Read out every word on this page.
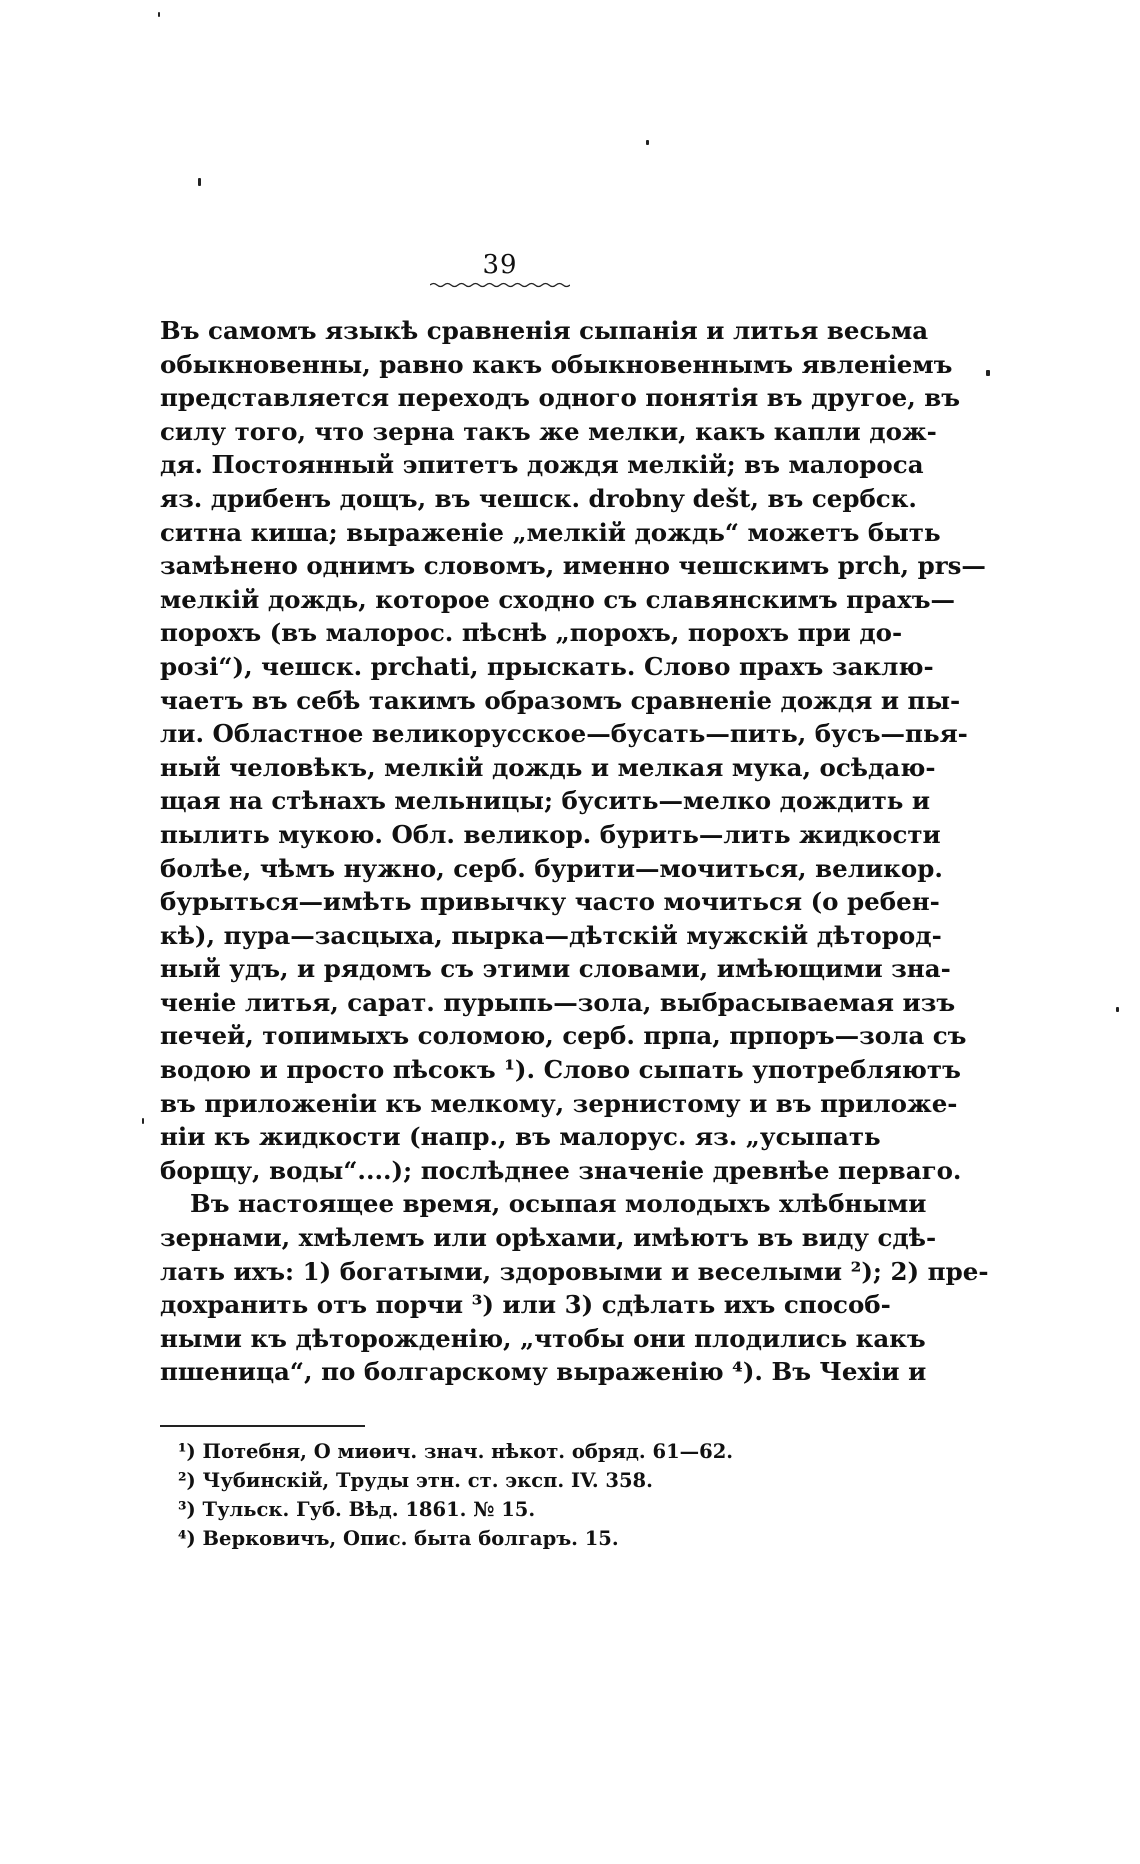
39
Въ самомъ языкѣ сравненія сыпанія и литья весьма
обыкновенны, равно какъ обыкновеннымъ явленіемъ
представляется переходъ одного понятія въ другое, въ
силу того, что зерна такъ же мелки, какъ капли дож-
дя. Постоянный эпитетъ дождя мелкій; въ малороса
яз. дрибенъ дощъ, въ чешск. drobny dešt, въ сербск.
ситна киша; выраженіе „мелкій дождь“ можетъ быть
замѣнено однимъ словомъ, именно чешскимъ prch, prs—
мелкій дождь, которое сходно съ славянскимъ прахъ—
порохъ (въ малорос. пѣснѣ „порохъ, порохъ при до-
розі“), чешск. prchati, прыскать. Слово прахъ заклю-
чаетъ въ себѣ такимъ образомъ сравненіе дождя и пы-
ли. Областное великорусское—бусать—пить, бусъ—пья-
ный человѣкъ, мелкій дождь и мелкая мука, осѣдаю-
щая на стѣнахъ мельницы; бусить—мелко дождить и
пылить мукою. Обл. великор. бурить—лить жидкости
болѣе, чѣмъ нужно, серб. бурити—мочиться, великор.
бурыться—имѣть привычку часто мочиться (о ребен-
кѣ), пура—засцыха, пырка—дѣтскій мужскій дѣтород-
ный удъ, и рядомъ съ этими словами, имѣющими зна-
ченіе литья, сарат. пурыпь—зола, выбрасываемая изъ
печей, топимыхъ соломою, серб. прпа, прпоръ—зола съ
водою и просто пѣсокъ ¹). Слово сыпать употребляютъ
въ приложеніи къ мелкому, зернистому и въ приложе-
ніи къ жидкости (напр., въ малорус. яз. „усыпать
борщу, воды“....); послѣднее значеніе древнѣе перваго.
Въ настоящее время, осыпая молодыхъ хлѣбными
зернами, хмѣлемъ или орѣхами, имѣютъ въ виду сдѣ-
лать ихъ: 1) богатыми, здоровыми и веселыми ²); 2) пре-
дохранить отъ порчи ³) или 3) сдѣлать ихъ способ-
ными къ дѣторожденію, „чтобы они плодились какъ
пшеница“, по болгарскому выраженію ⁴). Въ Чехіи и
¹) Потебня, О миѳич. знач. нѣкот. обряд. 61—62.
²) Чубинскій, Труды этн. ст. эксп. IV. 358.
³) Тульск. Губ. Вѣд. 1861. № 15.
⁴) Верковичъ, Опис. быта болгаръ. 15.
